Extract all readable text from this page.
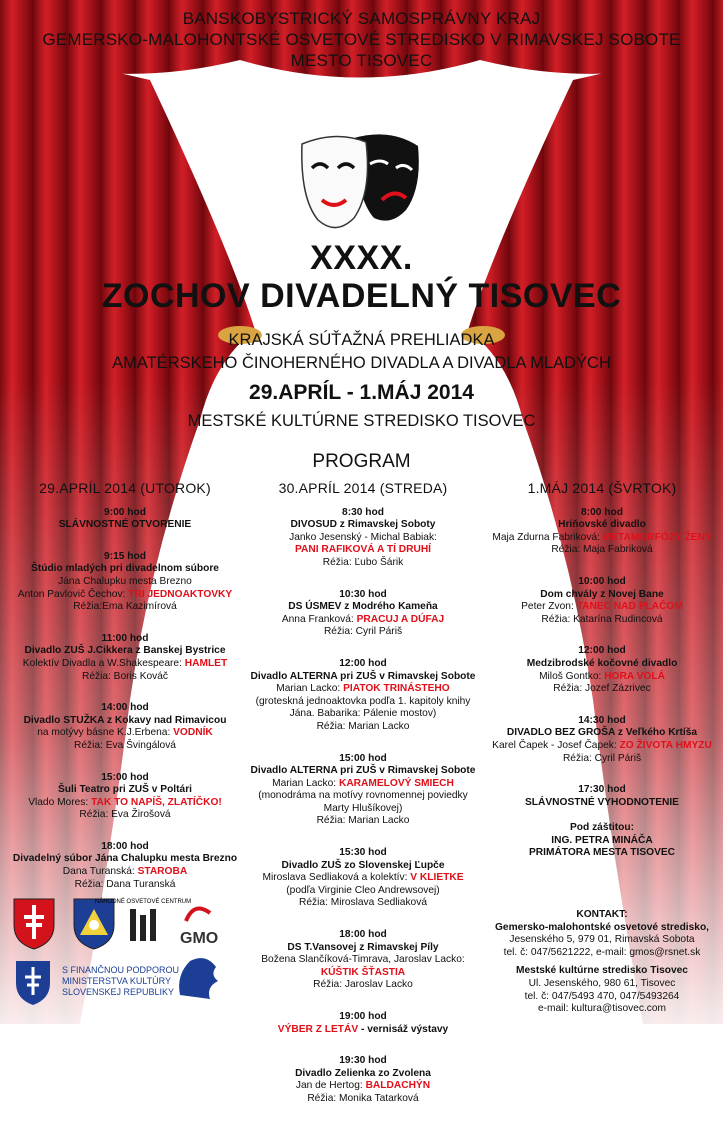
BANSKOBYSTRICKÝ SAMOSPRÁVNY KRAJ
GEMERSKO-MALOHONTSKÉ OSVETOVÉ STREDISKO V RIMAVSKEJ SOBOTE
MESTO TISOVEC
XXXX.
ZOCHOV DIVADELNÝ TISOVEC
KRAJSKÁ SÚŤAŽNÁ PREHLIADKA
AMATÉRSKEHO ČINOHERNÉHO DIVADLA A DIVADLA MLADÝCH
29.APRÍL - 1.MÁJ 2014
MESTSKÉ KULTÚRNE STREDISKO TISOVEC
PROGRAM
29.APRÍL 2014 (UTOROK)
9:00 hod
SLÁVNOSTNÉ OTVORENIE
9:15 hod
Štúdio mladých pri divadelnom súbore
Jána Chalupku mesta Brezno
Anton Pavlovič Čechov: TRI JEDNOAKTOVKY
Réžia:Ema Kazimírová
11:00 hod
Divadlo ZUŠ J.Cikkera z Banskej Bystrice
Kolektív Divadla a W.Shakespeare: HAMLET
Réžia: Boris Kováč
14:00 hod
Divadlo STUŽKA z Kokavy nad Rimavicou
na motývy básne K.J.Erbena: VODNÍK
Réžia: Eva Švingálová
15:00 hod
Šuli Teatro pri ZUŠ v Poltári
Vlado Mores: TAK TO NAPÍŠ, ZLATÍČKO!
Réžia: Eva Žirošová
18:00 hod
Divadelný súbor Jána Chalupku mesta Brezno
Dana Turanská: STAROBA
Réžia: Dana Turanská
30.APRÍL 2014 (STREDA)
8:30 hod
DIVOSUD z Rimavskej Soboty
Janko Jesenský - Michal Babiak:
PANI RAFIKOVÁ A TÍ DRUHÍ
Réžia: Ľubo Šárik
10:30 hod
DS ÚSMEV z Modrého Kameňa
Anna Franková: PRACUJ A DÚFAJ
Réžia: Cyril Páriš
12:00 hod
Divadlo ALTERNA pri ZUŠ v Rimavskej Sobote
Marian Lacko: PIATOK TRINÁSTEHO
(groteskná jednoaktovka podľa 1. kapitoly knihy
Jána. Babarika: Pálenie mostov)
Réžia: Marian Lacko
15:00 hod
Divadlo ALTERNA pri ZUŠ v Rimavskej Sobote
Marian Lacko: KARAMELOVÝ SMIECH
(monodráma na motívy rovnomennej poviedky
Marty Hlušíkovej)
Réžia: Marian Lacko
15:30 hod
Divadlo ZUŠ zo Slovenskej Ľupče
Miroslava Sedliaková a kolektív: V KLIETKE
(podľa Virginie Cleo Andrewsovej)
Réžia: Miroslava Sedliaková
18:00 hod
DS T.Vansovej z Rimavskej Píly
Božena Slančíková-Timrava, Jaroslav Lacko:
KÚŠTIK ŠŤASTIA
Réžia: Jaroslav Lacko
19:00 hod
VÝBER Z LETÁV - vernisáž výstavy
19:30 hod
Divadlo Zelienka zo Zvolena
Jan de Hertog: BALDACHÝN
Réžia: Monika Tatarková
1.MÁJ 2014 (ŠVRTOK)
8:00 hod
Hriňovské divadlo
Maja Zdurna Fabriková: METAMORFÓZY ŽENY
Réžia: Maja Fabriková
10:00 hod
Dom chvály z Novej Bane
Peter Zvon: TANEC NAD PLAČOM
Réžia: Katarína Rudincová
12:00 hod
Medzibrodské kočovné divadlo
Miloš Gontko: HORA VOLÁ
Réžia: Jozef Zázrivec
14:30 hod
DIVADLO BEZ GROŠA z Veľkého Krtíša
Karel Čapek - Josef Čapek: ZO ŽIVOTA HMYZU
Réžia: Cyril Páriš
17:30 hod
SLÁVNOSTNÉ VYHODNOTENIE
Pod záštitou:
ING. PETRA MINÁČA
PRIMÁTORA MESTA TISOVEC
KONTAKT:
Gemersko-malohontské osvetové stredisko,
Jesenského 5, 979 01, Rimavská Sobota
tel. č: 047/5621222, e-mail: gmos@rsnet.sk
Mestské kultúrne stredisko Tisovec
Ul. Jesenského, 980 61, Tisovec
tel. č: 047/5493 470, 047/5493264
e-mail: kultura@tisovec.com
NÁRODNÉ OSVETOVÉ CENTRUM
GMO
S FINANČNOU PODPOROU
MINISTERSTVA KULTÚRY
SLOVENSKEJ REPUBLIKY
